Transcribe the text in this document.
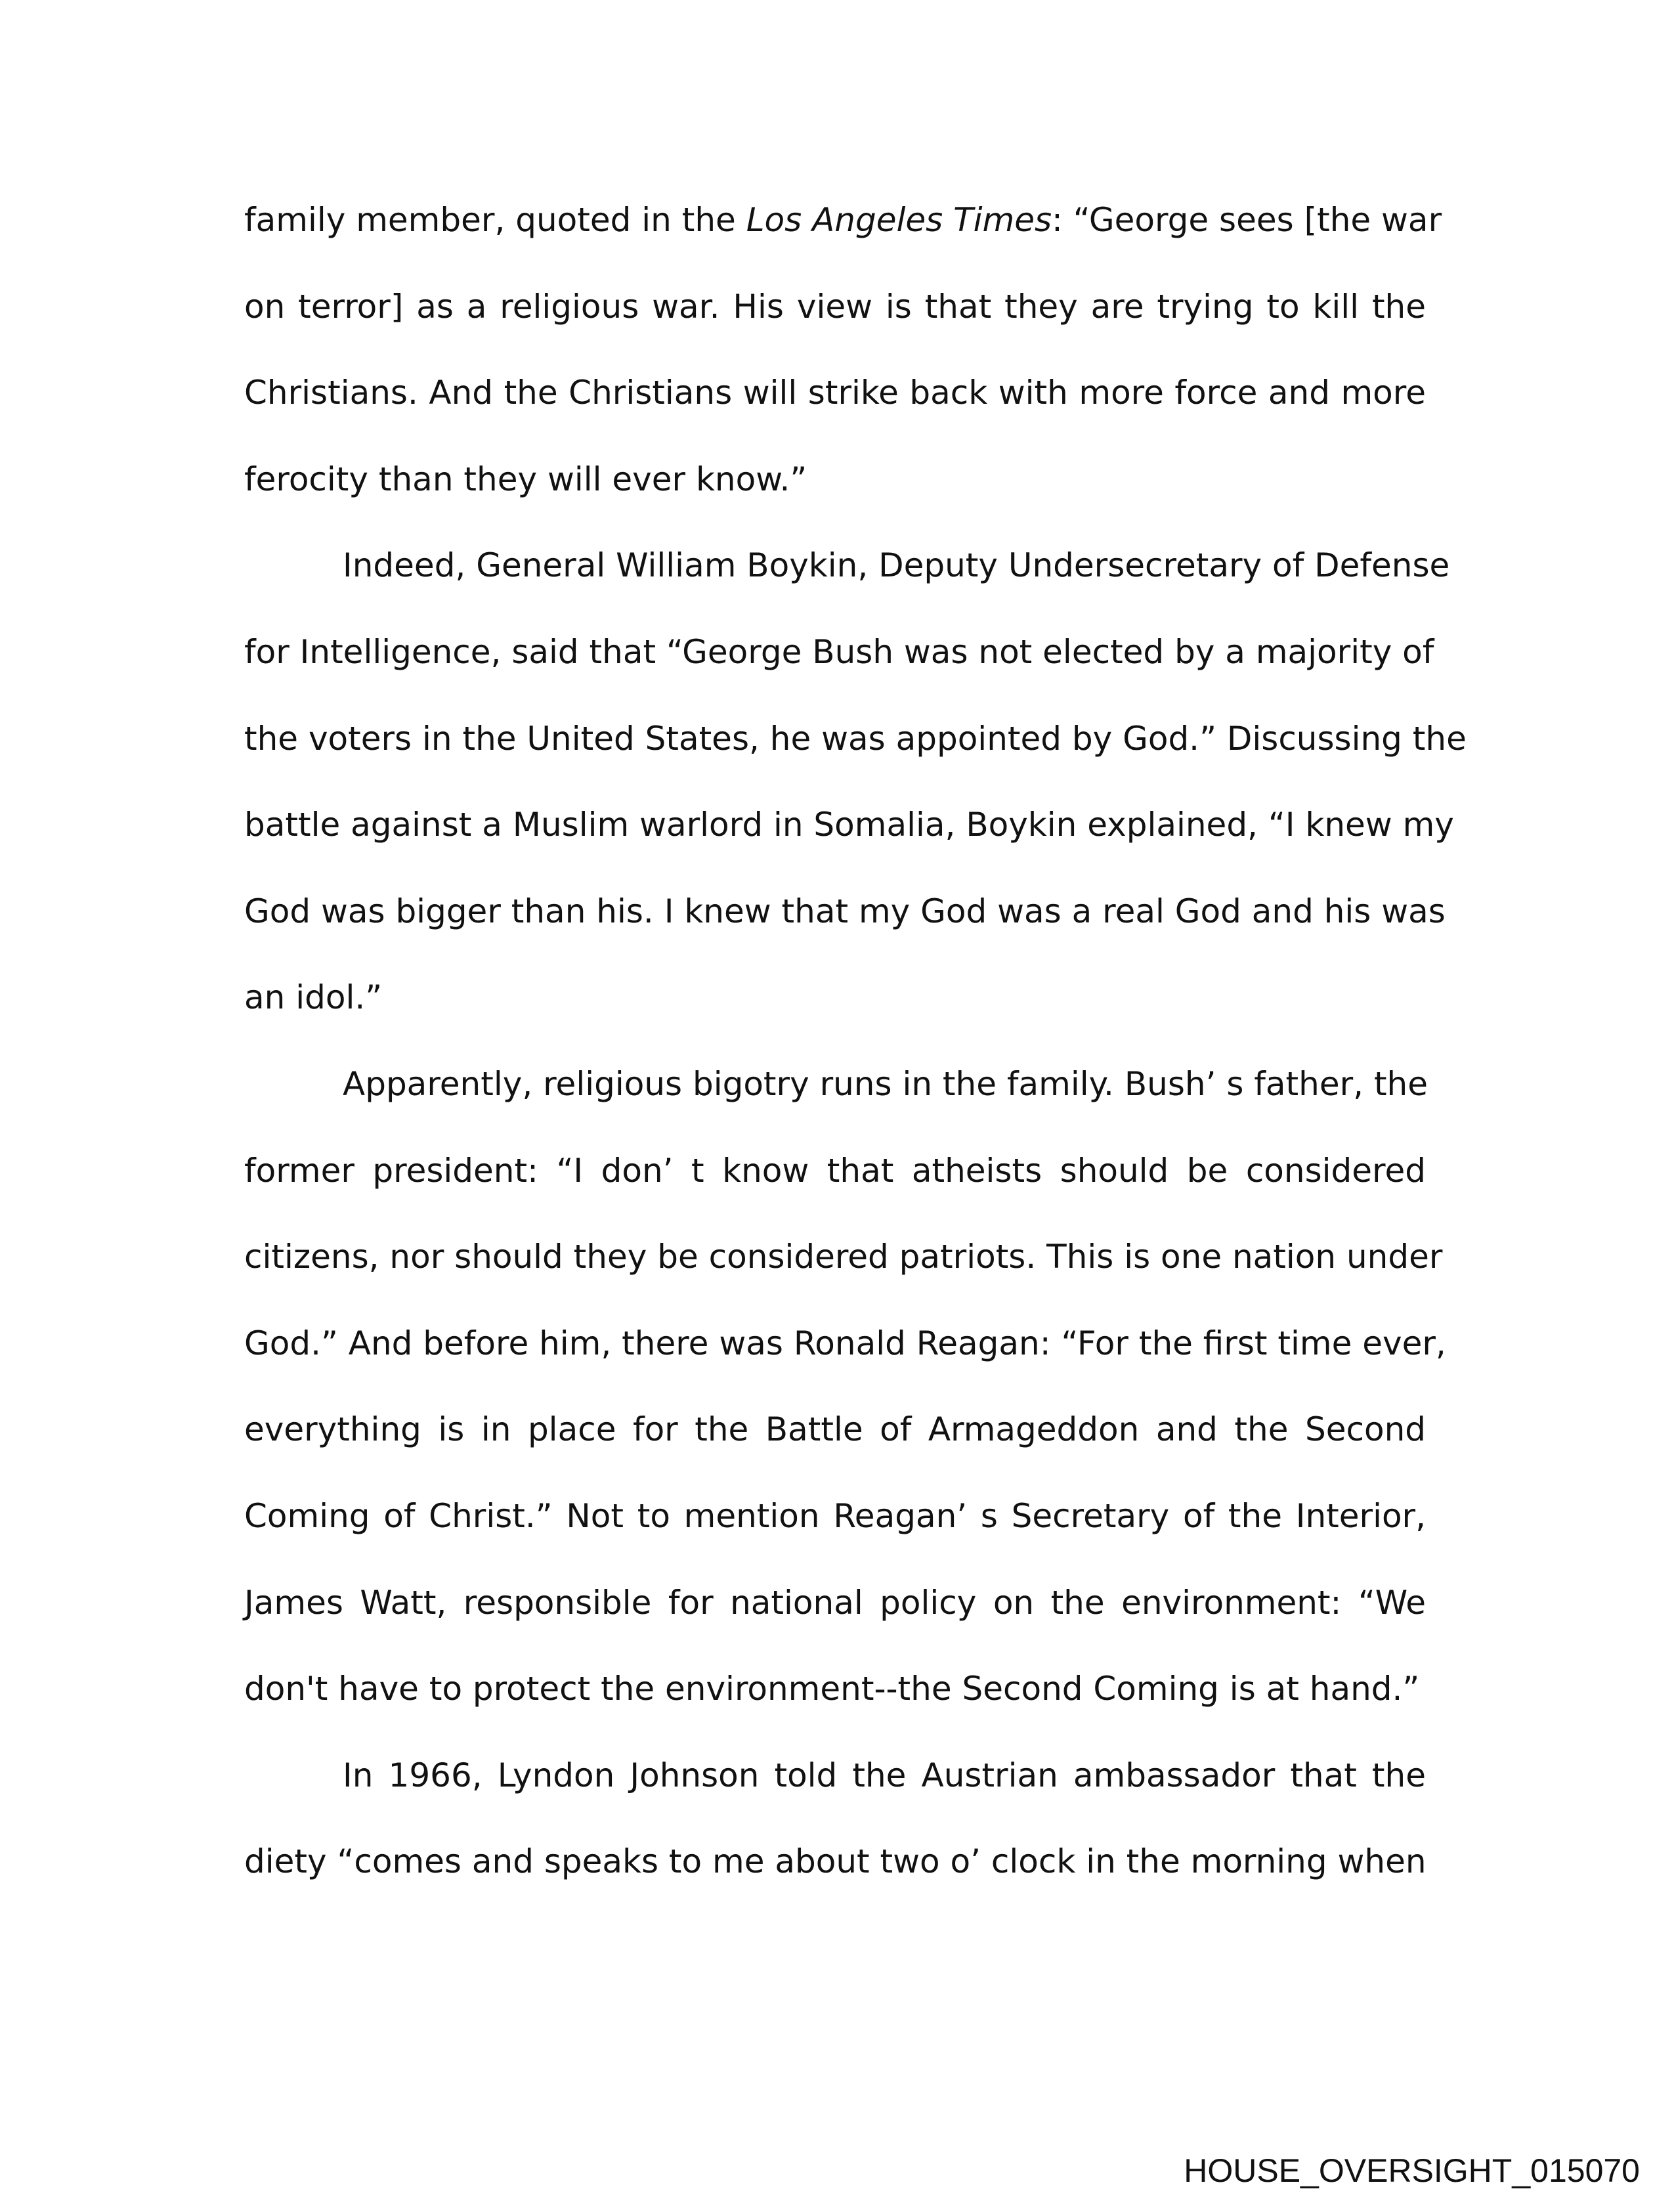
family member, quoted in the Los Angeles Times: “George sees [the war
on terror] as a religious war. His view is that they are trying to kill the
Christians. And the Christians will strike back with more force and more
ferocity than they will ever know.”
Indeed, General William Boykin, Deputy Undersecretary of Defense
for Intelligence, said that “George Bush was not elected by a majority of
the voters in the United States, he was appointed by God.” Discussing the
battle against a Muslim warlord in Somalia, Boykin explained, “I knew my
God was bigger than his. I knew that my God was a real God and his was
an idol.”
Apparently, religious bigotry runs in the family. Bush’ s father, the
former president: “I don’ t know that atheists should be considered
citizens, nor should they be considered patriots. This is one nation under
God.” And before him, there was Ronald Reagan: “For the first time ever,
everything is in place for the Battle of Armageddon and the Second
Coming of Christ.” Not to mention Reagan’ s Secretary of the Interior,
James Watt, responsible for national policy on the environment: “We
don't have to protect the environment--the Second Coming is at hand.”
In 1966, Lyndon Johnson told the Austrian ambassador that the
diety “comes and speaks to me about two o’ clock in the morning when
HOUSE_OVERSIGHT_015070
